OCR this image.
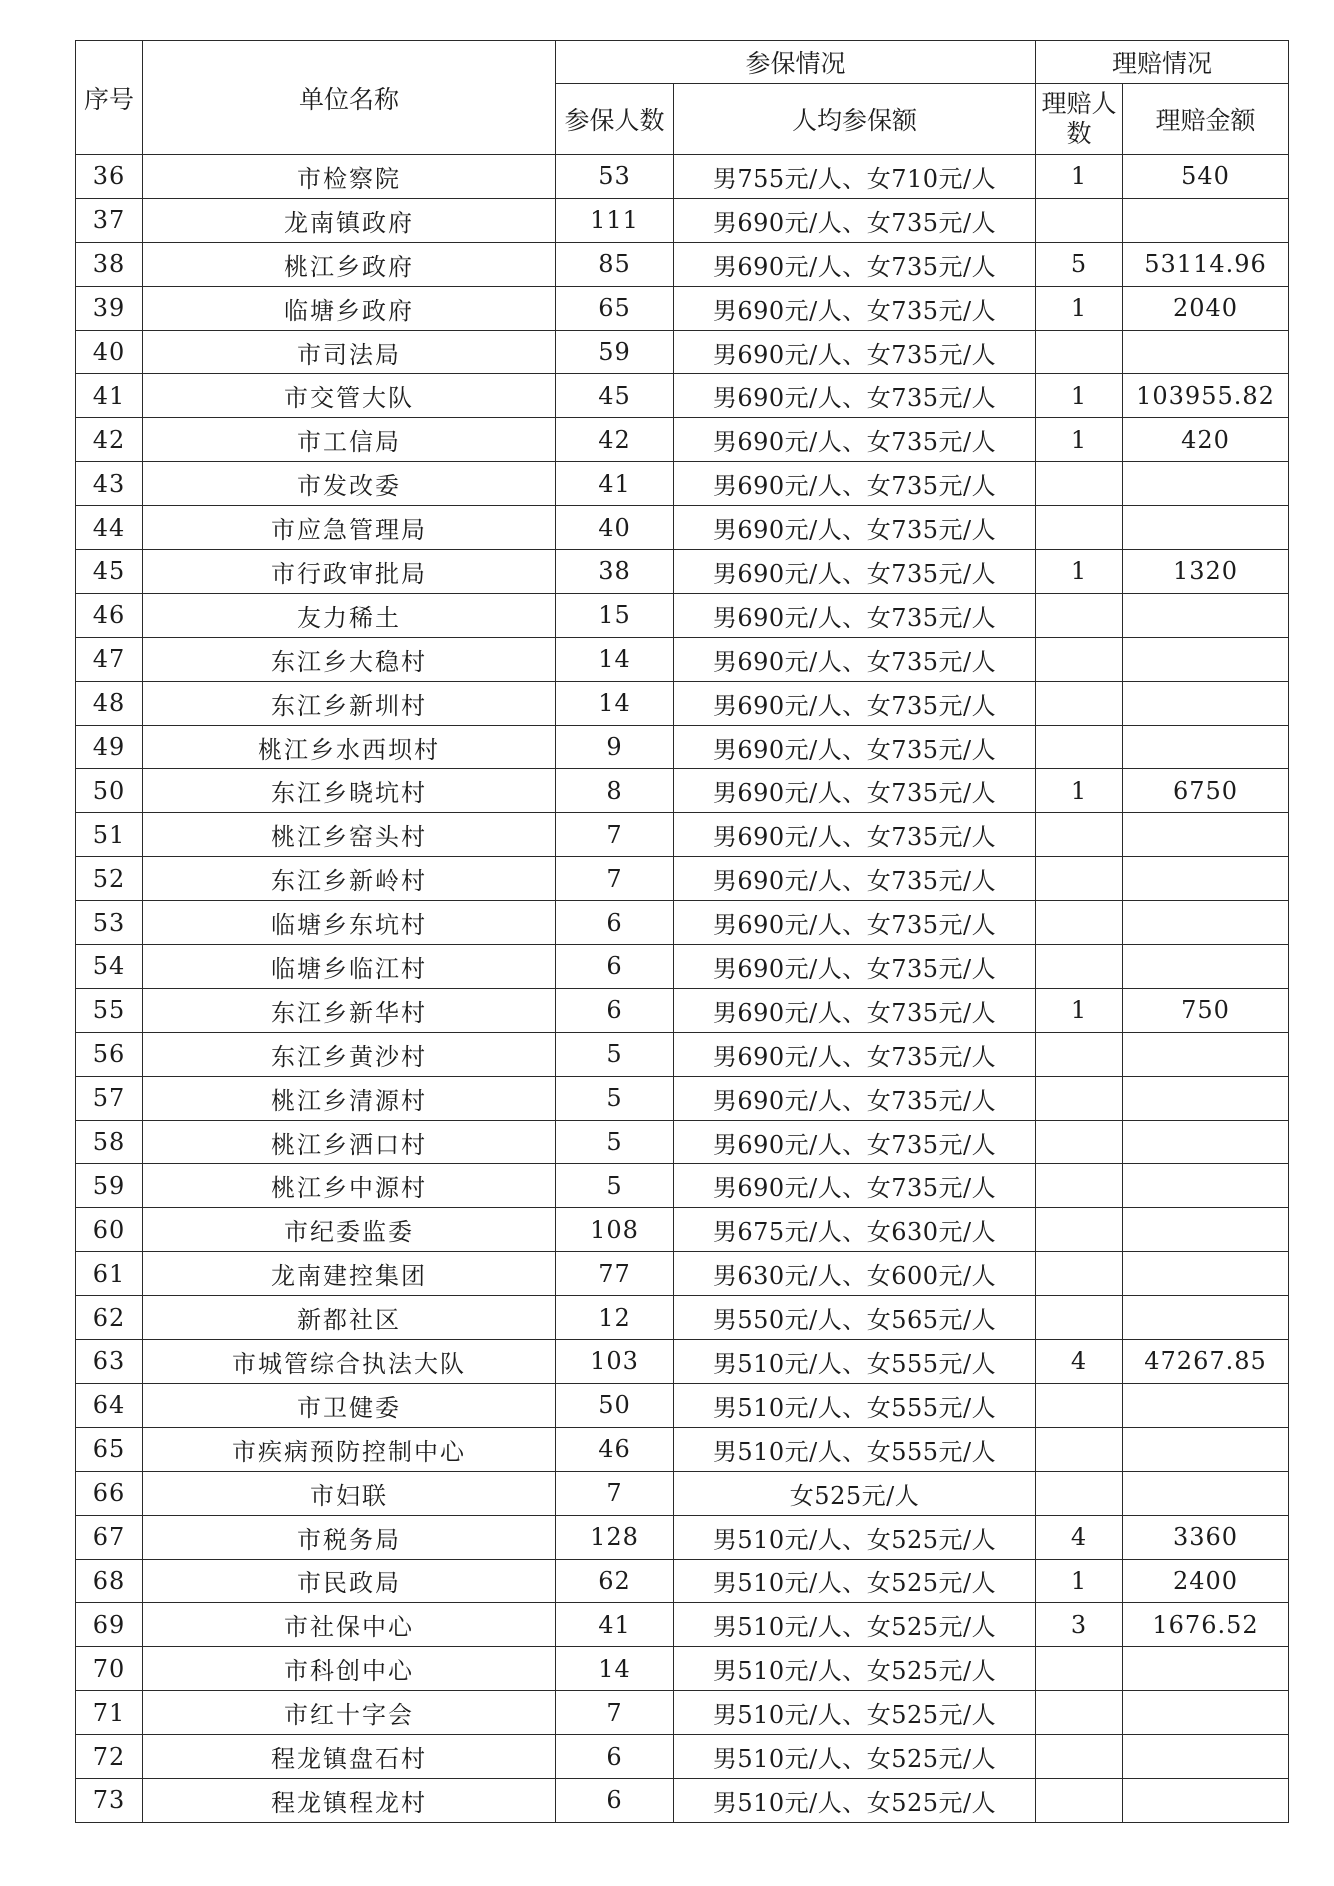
序号	单位名称	参保情况		理赔情况	
		参保人数	人均参保额	理赔人数	理赔金额
36	市检察院	53	男755元/人、女710元/人	1	540
37	龙南镇政府	111	男690元/人、女735元/人		
38	桃江乡政府	85	男690元/人、女735元/人	5	53114.96
39	临塘乡政府	65	男690元/人、女735元/人	1	2040
40	市司法局	59	男690元/人、女735元/人		
41	市交管大队	45	男690元/人、女735元/人	1	103955.82
42	市工信局	42	男690元/人、女735元/人	1	420
43	市发改委	41	男690元/人、女735元/人		
44	市应急管理局	40	男690元/人、女735元/人		
45	市行政审批局	38	男690元/人、女735元/人	1	1320
46	友力稀土	15	男690元/人、女735元/人		
47	东江乡大稳村	14	男690元/人、女735元/人		
48	东江乡新圳村	14	男690元/人、女735元/人		
49	桃江乡水西坝村	9	男690元/人、女735元/人		
50	东江乡晓坑村	8	男690元/人、女735元/人	1	6750
51	桃江乡窑头村	7	男690元/人、女735元/人		
52	东江乡新岭村	7	男690元/人、女735元/人		
53	临塘乡东坑村	6	男690元/人、女735元/人		
54	临塘乡临江村	6	男690元/人、女735元/人		
55	东江乡新华村	6	男690元/人、女735元/人	1	750
56	东江乡黄沙村	5	男690元/人、女735元/人		
57	桃江乡清源村	5	男690元/人、女735元/人		
58	桃江乡洒口村	5	男690元/人、女735元/人		
59	桃江乡中源村	5	男690元/人、女735元/人		
60	市纪委监委	108	男675元/人、女630元/人		
61	龙南建控集团	77	男630元/人、女600元/人		
62	新都社区	12	男550元/人、女565元/人		
63	市城管综合执法大队	103	男510元/人、女555元/人	4	47267.85
64	市卫健委	50	男510元/人、女555元/人		
65	市疾病预防控制中心	46	男510元/人、女555元/人		
66	市妇联	7	女525元/人		
67	市税务局	128	男510元/人、女525元/人	4	3360
68	市民政局	62	男510元/人、女525元/人	1	2400
69	市社保中心	41	男510元/人、女525元/人	3	1676.52
70	市科创中心	14	男510元/人、女525元/人		
71	市红十字会	7	男510元/人、女525元/人		
72	程龙镇盘石村	6	男510元/人、女525元/人		
73	程龙镇程龙村	6	男510元/人、女525元/人		
